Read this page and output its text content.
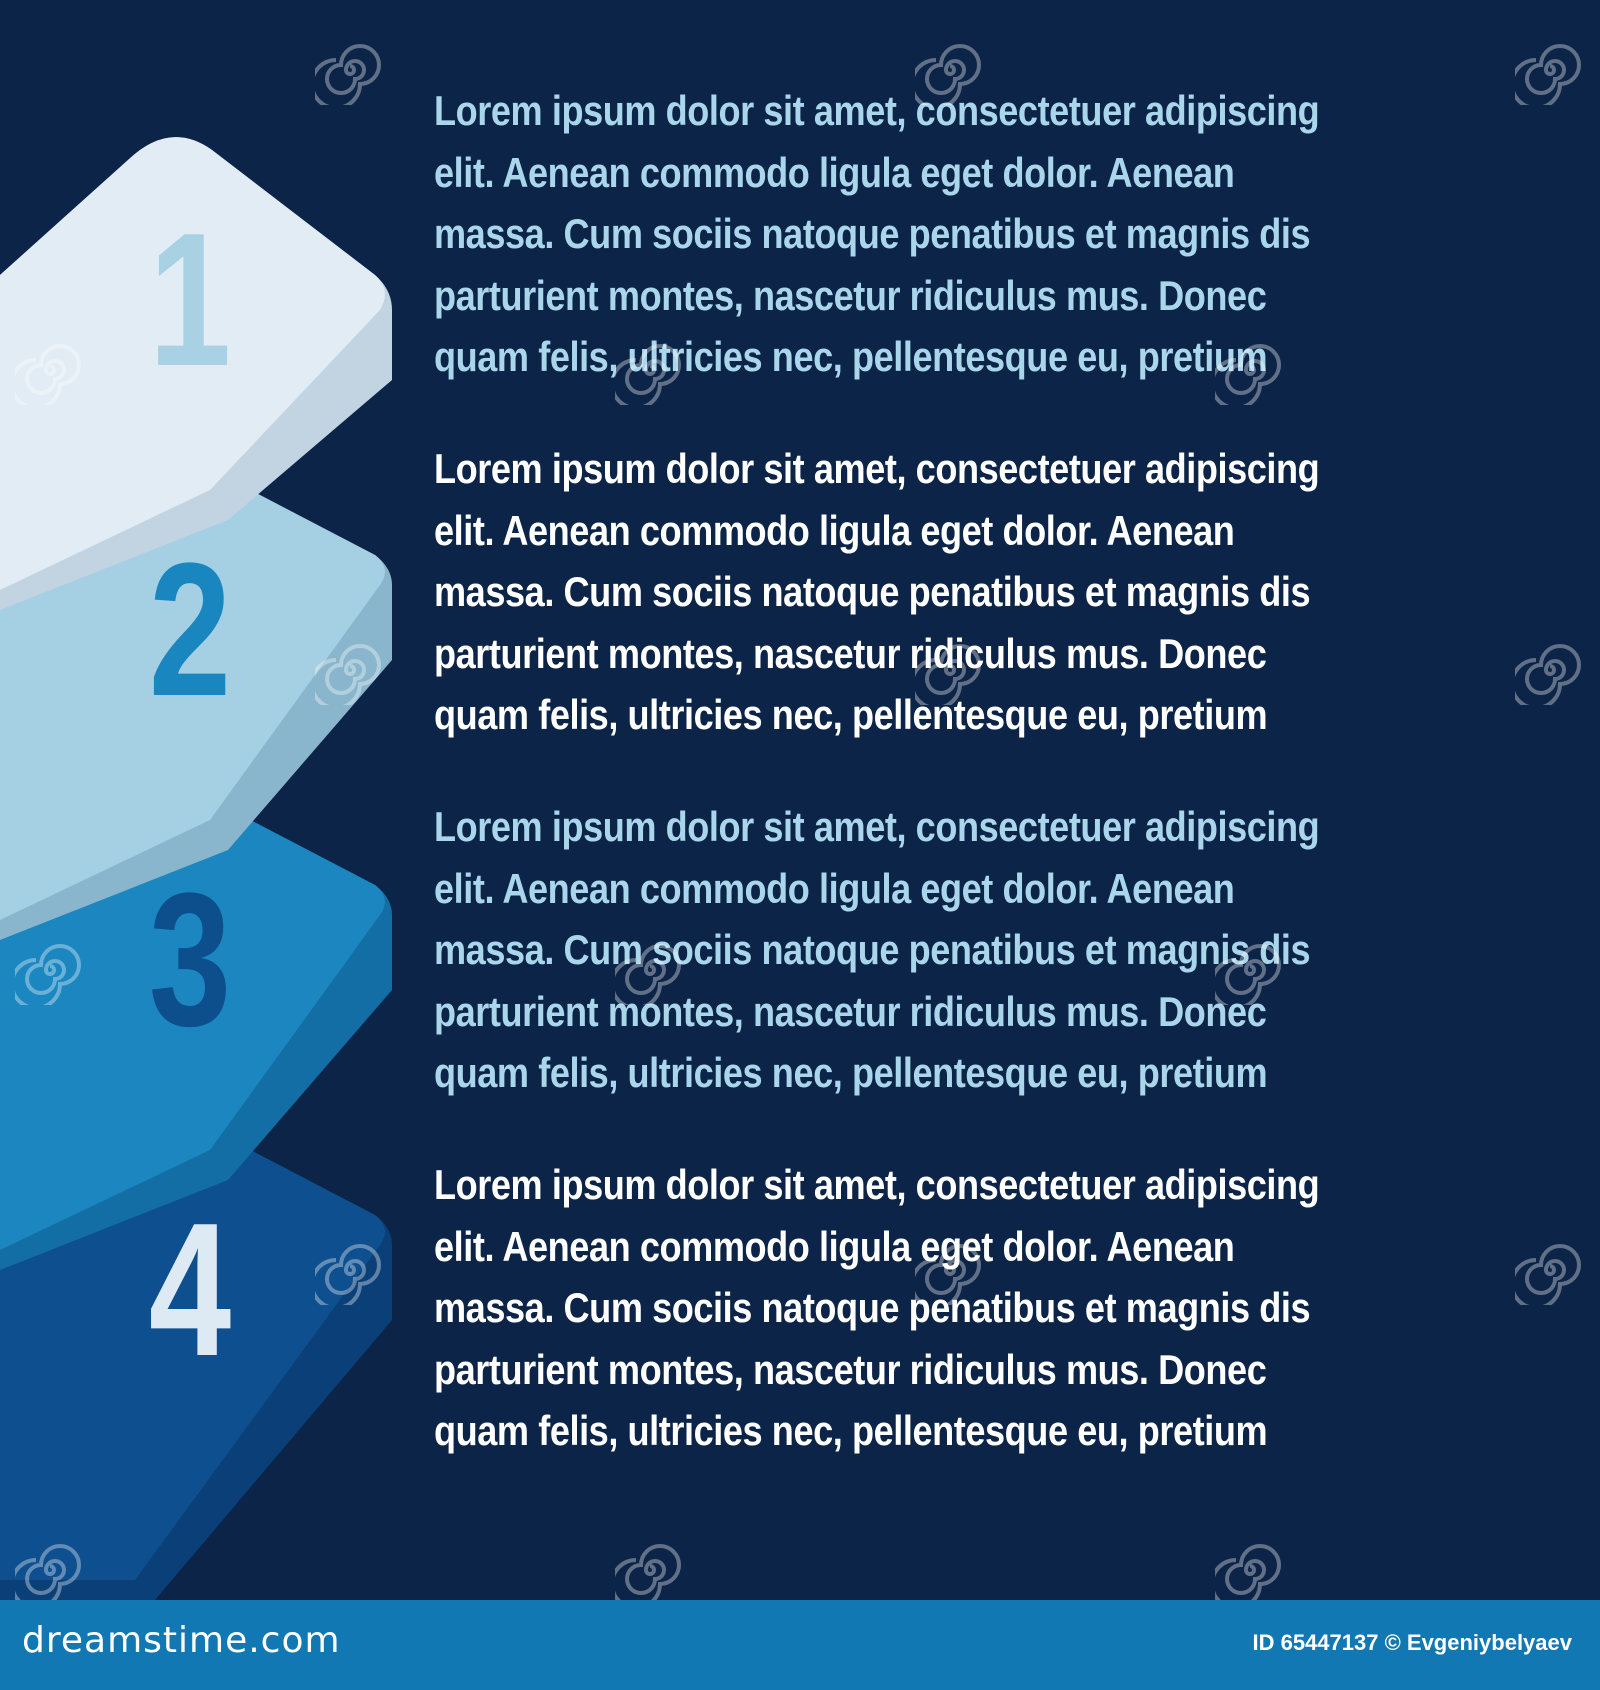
1
2
3
4
Lorem ipsum dolor sit amet, consectetuer adipiscing
elit. Aenean commodo ligula eget dolor. Aenean
massa. Cum sociis natoque penatibus et magnis dis
parturient montes, nascetur ridiculus mus. Donec
quam felis, ultricies nec, pellentesque eu, pretium
Lorem ipsum dolor sit amet, consectetuer adipiscing
elit. Aenean commodo ligula eget dolor. Aenean
massa. Cum sociis natoque penatibus et magnis dis
parturient montes, nascetur ridiculus mus. Donec
quam felis, ultricies nec, pellentesque eu, pretium
Lorem ipsum dolor sit amet, consectetuer adipiscing
elit. Aenean commodo ligula eget dolor. Aenean
massa. Cum sociis natoque penatibus et magnis dis
parturient montes, nascetur ridiculus mus. Donec
quam felis, ultricies nec, pellentesque eu, pretium
Lorem ipsum dolor sit amet, consectetuer adipiscing
elit. Aenean commodo ligula eget dolor. Aenean
massa. Cum sociis natoque penatibus et magnis dis
parturient montes, nascetur ridiculus mus. Donec
quam felis, ultricies nec, pellentesque eu, pretium
dreamstime.com	ID 65447137 © Evgeniybelyaev
